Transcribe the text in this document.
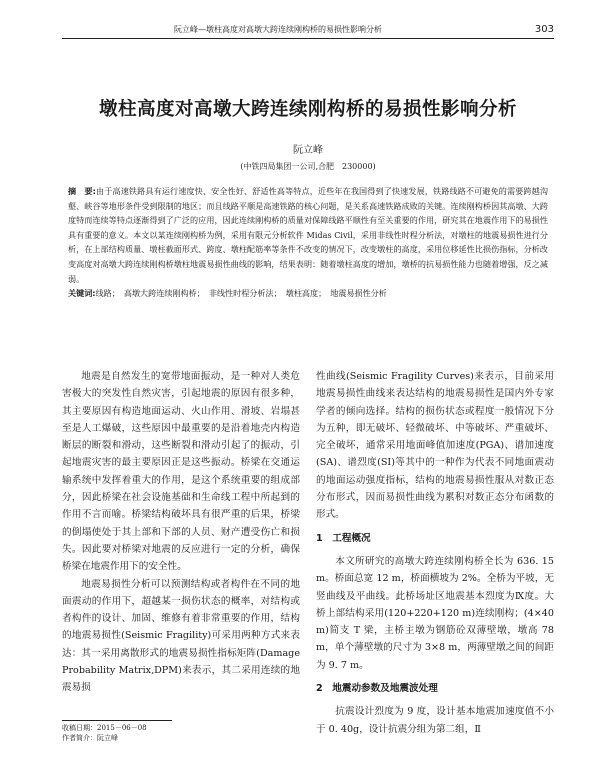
阮立峰—墩柱高度对高墩大跨连续刚构桥的易损性影响分析	303
墩柱高度对高墩大跨连续刚构桥的易损性影响分析
阮立峰
(中铁四局集团一公司,合肥　230000)

摘　要:由于高速铁路具有运行速度快、安全性好、舒适性高等特点，近些年在我国得到了快速发展，铁路线路不可避免的需要跨越沟壑、峡谷等地形条件受到限制的地区；而且线路平顺是高速铁路的核心问题，是关系高速铁路成败的关键。连续刚构桥因其高墩、大跨度特而连续等特点逐渐得到了广泛的应用，因此连续刚构桥的质量对保障线路平顺性有至关重要的作用，研究其在地震作用下的易损性具有重要的意义。本文以某连续刚构桥为例，采用有限元分析软件 Midas Civil，采用非线性时程分析法，对墩柱的地震易损性进行分析，在上部结构质量、墩柱截面形式、跨度、墩柱配筋率等条件不改变的情况下，改变墩柱的高度，采用位移延性比损伤指标，分析改变高度对高墩大跨连续刚构桥墩柱地震易损性曲线的影响，结果表明：随着墩柱高度的增加，墩桥的抗易损性能力也随着增强，反之减弱。

关键词:线路；　高墩大跨连续刚构桥；　非线性时程分析法；　墩柱高度；　地震易损性分析

地震是自然发生的宽带地面振动，是一种对人类危害极大的突发性自然灾害，引起地震的原因有很多种，其主要原因有构造地面运动、火山作用、滑坡、岩塌甚至是人工爆破，这些原因中最重要的是沿着地壳内构造断层的断裂和滑动，这些断裂和滑动引起了的振动，引起地震灾害的最主要原因正是这些振动。桥梁在交通运输系统中发挥着重大的作用，是这个系统重要的组成部分，因此桥梁在社会设施基础和生命线工程中所起到的作用不言而喻。桥梁结构破坏具有很严重的后果，桥梁的倒塌使处于其上部和下部的人员、财产遭受伤亡和损失。因此要对桥梁对地震的反应进行一定的分析，确保桥梁在地震作用下的安全性。

地震易损性分析可以预测结构或者构件在不同的地面震动的作用下，超越某一损伤状态的概率，对结构或者构件的设计、加固、维修有着非常重要的作用，结构的地震易损性(Seismic Fragility)可采用两种方式来表达：其一采用离散形式的地震易损性指标矩阵(Damage Probability Matrix,DPM)来表示，其二采用连续的地震易损

性曲线(Seismic Fragility Curves)来表示，目前采用地震易损性曲线来表达结构的地震易损性是国内外专家学者的倾向选择。结构的损伤状态或程度一般情况下分为五种，即无破坏、轻微破坏、中等破坏、严重破坏、完全破坏，通常采用地面峰值加速度(PGA)、谱加速度(SA)、谱烈度(SI)等其中的一种作为代表不同地面震动的地面运动强度指标，结构的地震易损性服从对数正态分布形式，因而易损性曲线为累积对数正态分布函数的形式。

1　工程概况

本文所研究的高墩大跨连续刚构桥全长为 636. 15 m。桥面总宽 12 m，桥面横坡为 2%。全桥为平坡，无竖曲线及平曲线。此桥场址区地震基本烈度为Ⅸ度。大桥上部结构采用(120+220+120 m)连续刚构；(4×40 m)简支 T 梁，主桥主墩为钢筋砼双薄壁墩，墩高 78 m，单个薄壁墩的尺寸为 3×8 m，两薄壁墩之间的间距为 9. 7 m。

2　地震动参数及地震波处理

抗震设计烈度为 9 度，设计基本地震加速度值不小于 0. 40g，设计抗震分组为第二组，Ⅱ

收稿日期：2015－06－08
作者简介：阮立峰
